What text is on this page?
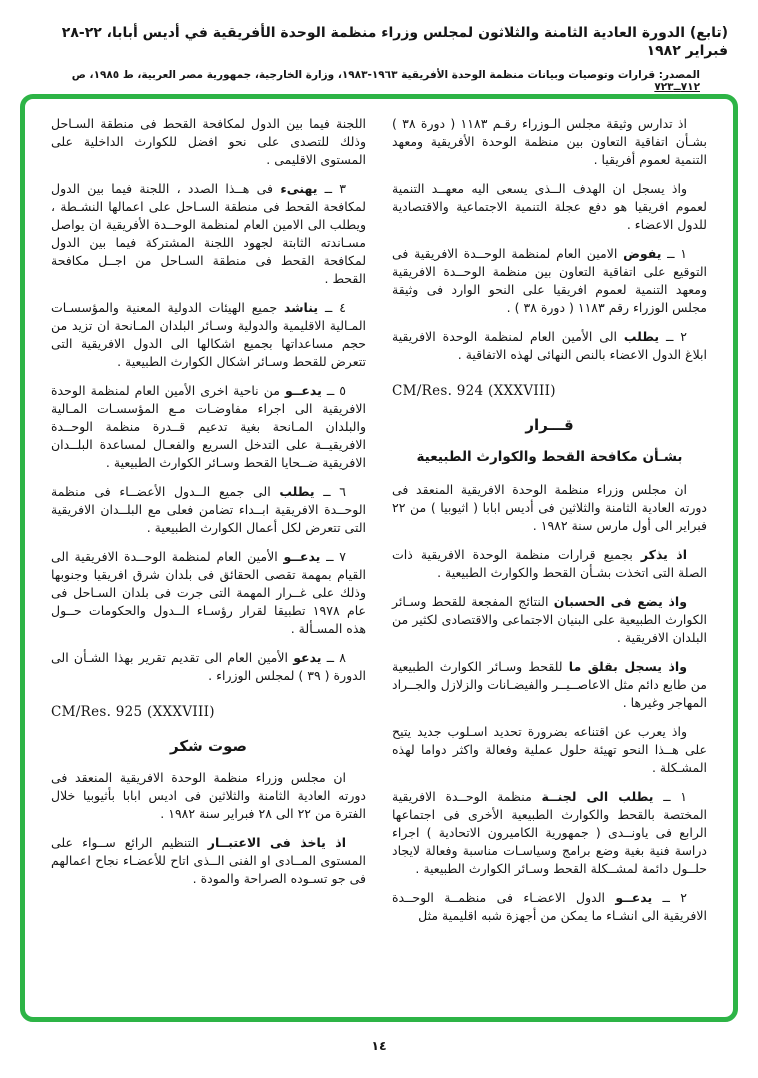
(تابع) الدورة العادية الثامنة والثلاثون لمجلس وزراء منظمة الوحدة الأفريقية في أديس أبابا، ٢٢-٢٨ فبراير ١٩٨٢
المصدر: قرارات وتوصيات وبيانات منظمة الوحدة الأفريقية ١٩٦٣-١٩٨٣، وزارة الخارجية، جمهورية مصر العربية، ط ١٩٨٥، ص ٧١٢ــ٧٢٣

اذ تدارس وثيقة مجلس الـوزراء رقـم ١١٨٣ ( دورة ٣٨ ) بشـأن اتفاقية التعاون بين منظمة الوحدة الأفريقية ومعهد التنمية لعموم أفريقيا .

واذ يسجل ان الهدف الــذى يسعى اليه معهــد التنمية لعموم افريقيا هو دفع عجلة التنمية الاجتماعية والاقتصادية للدول الاعضاء .

١ ــ يفوض الامين العام لمنظمة الوحــدة الافريقية فى التوقيع على اتفاقية التعاون بين منظمة الوحــدة الافريقية ومعهد التنمية لعموم افريقيا على النحو الوارد فى وثيقة مجلس الوزراء رقم ١١٨٣ ( دورة ٣٨ ) .

٢ ــ يطلب الى الأمين العام لمنظمة الوحدة الافريقية ابلاغ الدول الاعضاء بالنص النهائى لهذه الاتفاقية .

CM/Res. 924 (XXXVIII)

قـــرار
بشـأن مكافحة القحط والكوارث الطبيعية

ان مجلس وزراء منظمة الوحدة الافريقية المنعقد فى دورته العادية الثامنة والثلاثين فى أديس ابابا ( اثيوبيا ) من ٢٢ فبراير الى أول مارس سنة ١٩٨٢ .

اذ يذكر بجميع قرارات منظمة الوحدة الافريقية ذات الصلة التى اتخذت بشـأن القحط والكوارث الطبيعية .

واذ يضع فى الحسبان النتائج المفجعة للقحط وسـائر الكوارث الطبيعية على البنيان الاجتماعى والاقتصادى لكثير من البلدان الافريقية .

واذ يسجل بقلق ما للقحط وسـائر الكوارث الطبيعية من طابع دائم مثل الاعاصــيــر والفيضـانات والزلازل والجــراد المهاجر وغيرها .

واذ يعرب عن اقتناعه بضرورة تحديد اسـلوب جديد يتيح على هــذا النحو تهيئة حلول عملية وفعالة واكثر دواما لهذه المشـكلة .

١ ــ يطلب الى لجنــة منظمة الوحــدة الافريقية المختصة بالقحط والكوارث الطبيعية الأخرى فى اجتماعها الرابع فى ياونــدى ( جمهورية الكاميرون الاتحادية ) اجراء دراسة فنية بغية وضع برامج وسياسـات مناسبة وفعالة لايجاد حلــول دائمة لمشــكلة القحط وسـائر الكوارث الطبيعية .

٢ ــ يدعــو الدول الاعضـاء فى منظمــة الوحــدة الافريقية الى انشـاء ما يمكن من أجهزة شبه اقليمية مثل

اللجنة فيما بين الدول لمكافحة القحط فى منطقة السـاحل وذلك للتصدى على نحو افضل للكوارث الداخلية على المستوى الاقليمى .

٣ ــ يهنىء فى هــذا الصدد ، اللجنة فيما بين الدول لمكافحة القحط فى منطقة السـاحل على اعمالها النشـطة ، ويطلب الى الامين العام لمنظمة الوحــدة الأفريقية ان يواصل مسـاندته الثابتة لجهود اللجنة المشتركة فيما بين الدول لمكافحة القحط فى منطقة السـاحل من اجــل مكافحة القحط .

٤ ــ يناشد جميع الهيئات الدولية المعنية والمؤسسـات المـالية الاقليمية والدولية وسـائر البلدان المـانحة ان تزيد من حجم مساعداتها بجميع اشكالها الى الدول الافريقية التى تتعرض للقحط وسـائر اشكال الكوارث الطبيعية .

٥ ــ يدعــو من ناحية اخرى الأمين العام لمنظمة الوحدة الافريقية الى اجراء مفاوضـات مـع المؤسسـات المـالية والبلدان المـانحة بغية تدعيم قــدرة منظمة الوحــدة الافريقيــة على التدخل السريع والفعـال لمساعدة البلــدان الافريقية ضــحايا القحط وسـائر الكوارث الطبيعية .

٦ ــ يطلب الى جميع الــدول الأعضــاء فى منظمة الوحــدة الافريقية ابــداء تضامن فعلى مع البلــدان الافريقية التى تتعرض لكل أعمال الكوارث الطبيعية .

٧ ــ يدعــو الأمين العام لمنظمة الوحــدة الافريقية الى القيام بمهمة تقصى الحقائق فى بلدان شرق افريقيا وجنوبها وذلك على غــرار المهمة التى جرت فى بلدان السـاحل فى عام ١٩٧٨ تطبيقا لقرار رؤسـاء الــدول والحكومات حــول هذه المسـألة .

٨ ــ يدعو الأمين العام الى تقديم تقرير بهذا الشـأن الى الدورة ( ٣٩ ) لمجلس الوزراء .

CM/Res. 925 (XXXVIII)

صوت شكر

ان مجلس وزراء منظمة الوحدة الافريقية المنعقد فى دورته العادية الثامنة والثلاثين فى اديس ابابا بأثيوبيا خلال الفترة من ٢٢ الى ٢٨ فبراير سنة ١٩٨٢ .

اذ ياخذ فى الاعتبــار التنظيم الرائع ســواء على المستوى المــادى او الفنى الــذى اتاح للأعضـاء نجاح اعمالهم فى جو تسـوده الصراحة والمودة .

١٤
